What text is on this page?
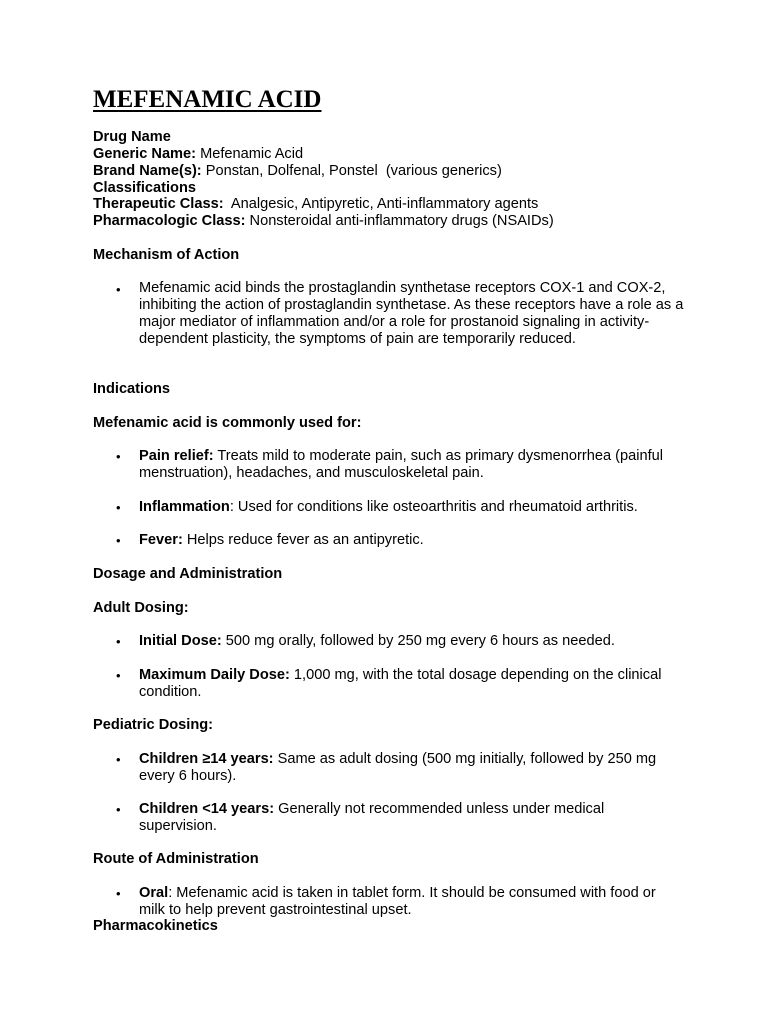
MEFENAMIC ACID

Drug Name

Generic Name: Mefenamic Acid

Brand Name(s): Ponstan, Dolfenal, Ponstel  (various generics)

Classifications

Therapeutic Class:  Analgesic, Antipyretic, Anti-inflammatory agents

Pharmacologic Class: Nonsteroidal anti-inflammatory drugs (NSAIDs)

Mechanism of Action

• Mefenamic acid binds the prostaglandin synthetase receptors COX-1 and COX-2, inhibiting the action of prostaglandin synthetase. As these receptors have a role as a major mediator of inflammation and/or a role for prostanoid signaling in activity-dependent plasticity, the symptoms of pain are temporarily reduced.

Indications

Mefenamic acid is commonly used for:

• Pain relief: Treats mild to moderate pain, such as primary dysmenorrhea (painful menstruation), headaches, and musculoskeletal pain.

• Inflammation: Used for conditions like osteoarthritis and rheumatoid arthritis.

• Fever: Helps reduce fever as an antipyretic.

Dosage and Administration

Adult Dosing:

• Initial Dose: 500 mg orally, followed by 250 mg every 6 hours as needed.

• Maximum Daily Dose: 1,000 mg, with the total dosage depending on the clinical condition.

Pediatric Dosing:

• Children ≥14 years: Same as adult dosing (500 mg initially, followed by 250 mg every 6 hours).

• Children <14 years: Generally not recommended unless under medical supervision.

Route of Administration

• Oral: Mefenamic acid is taken in tablet form. It should be consumed with food or milk to help prevent gastrointestinal upset.

Pharmacokinetics
